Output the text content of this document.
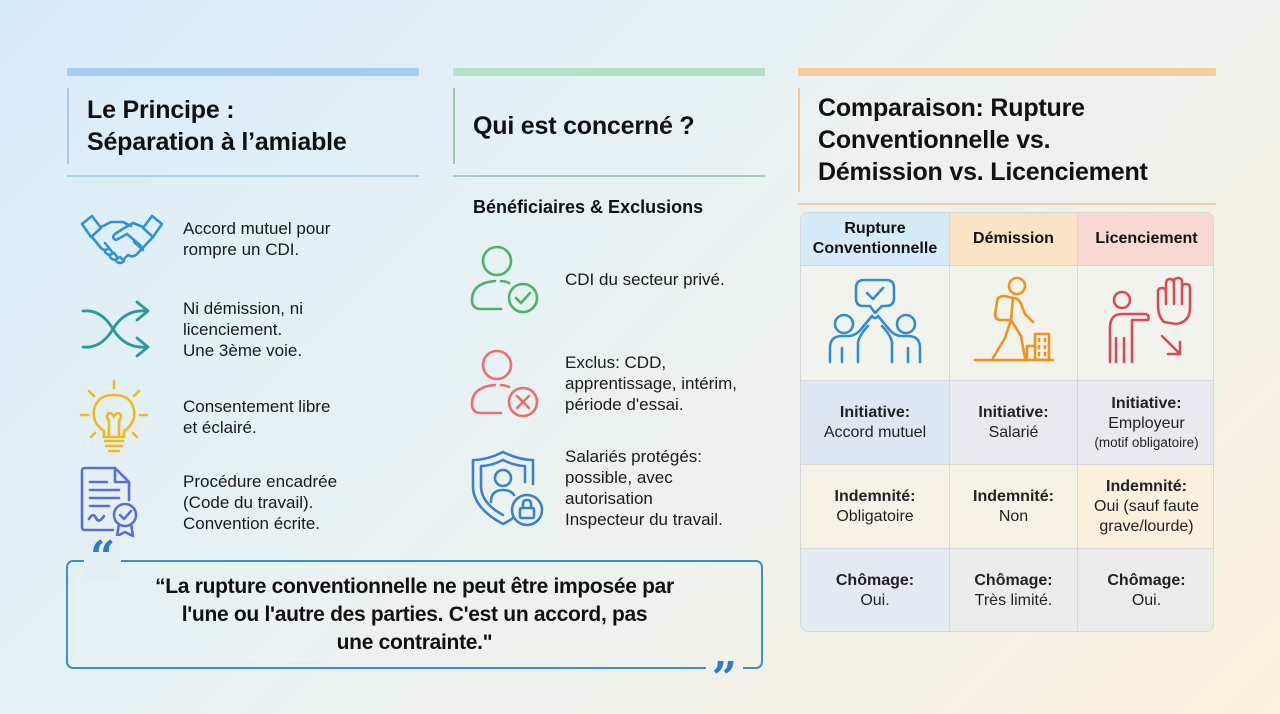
Le Principe :
Séparation à l’amiable
Accord mutuel pour
rompre un CDI.
Ni démission, ni
licenciement.
Une 3ème voie.
Consentement libre
et éclairé.
Procédure encadrée
(Code du travail).
Convention écrite.
Qui est concerné ?
Bénéficiaires & Exclusions
CDI du secteur privé.
Exclus: CDD,
apprentissage, intérim,
période d'essai.
Salariés protégés:
possible, avec
autorisation
Inspecteur du travail.
“
“La rupture conventionnelle ne peut être imposée par
l'une ou l'autre des parties. C'est un accord, pas
une contrainte."
”
Comparaison: Rupture
Conventionnelle vs.
Démission vs. Licenciement
Rupture
Conventionnelle
Démission	Licenciement
Initiative:
Accord mutuel
Initiative:
Salarié
Initiative:
Employeur
(motif obligatoire)
Indemnité:
Obligatoire
Indemnité:
Non
Indemnité:
Oui (sauf faute
grave/lourde)
Chômage:
Oui.
Chômage:
Très limité.
Chômage:
Oui.
